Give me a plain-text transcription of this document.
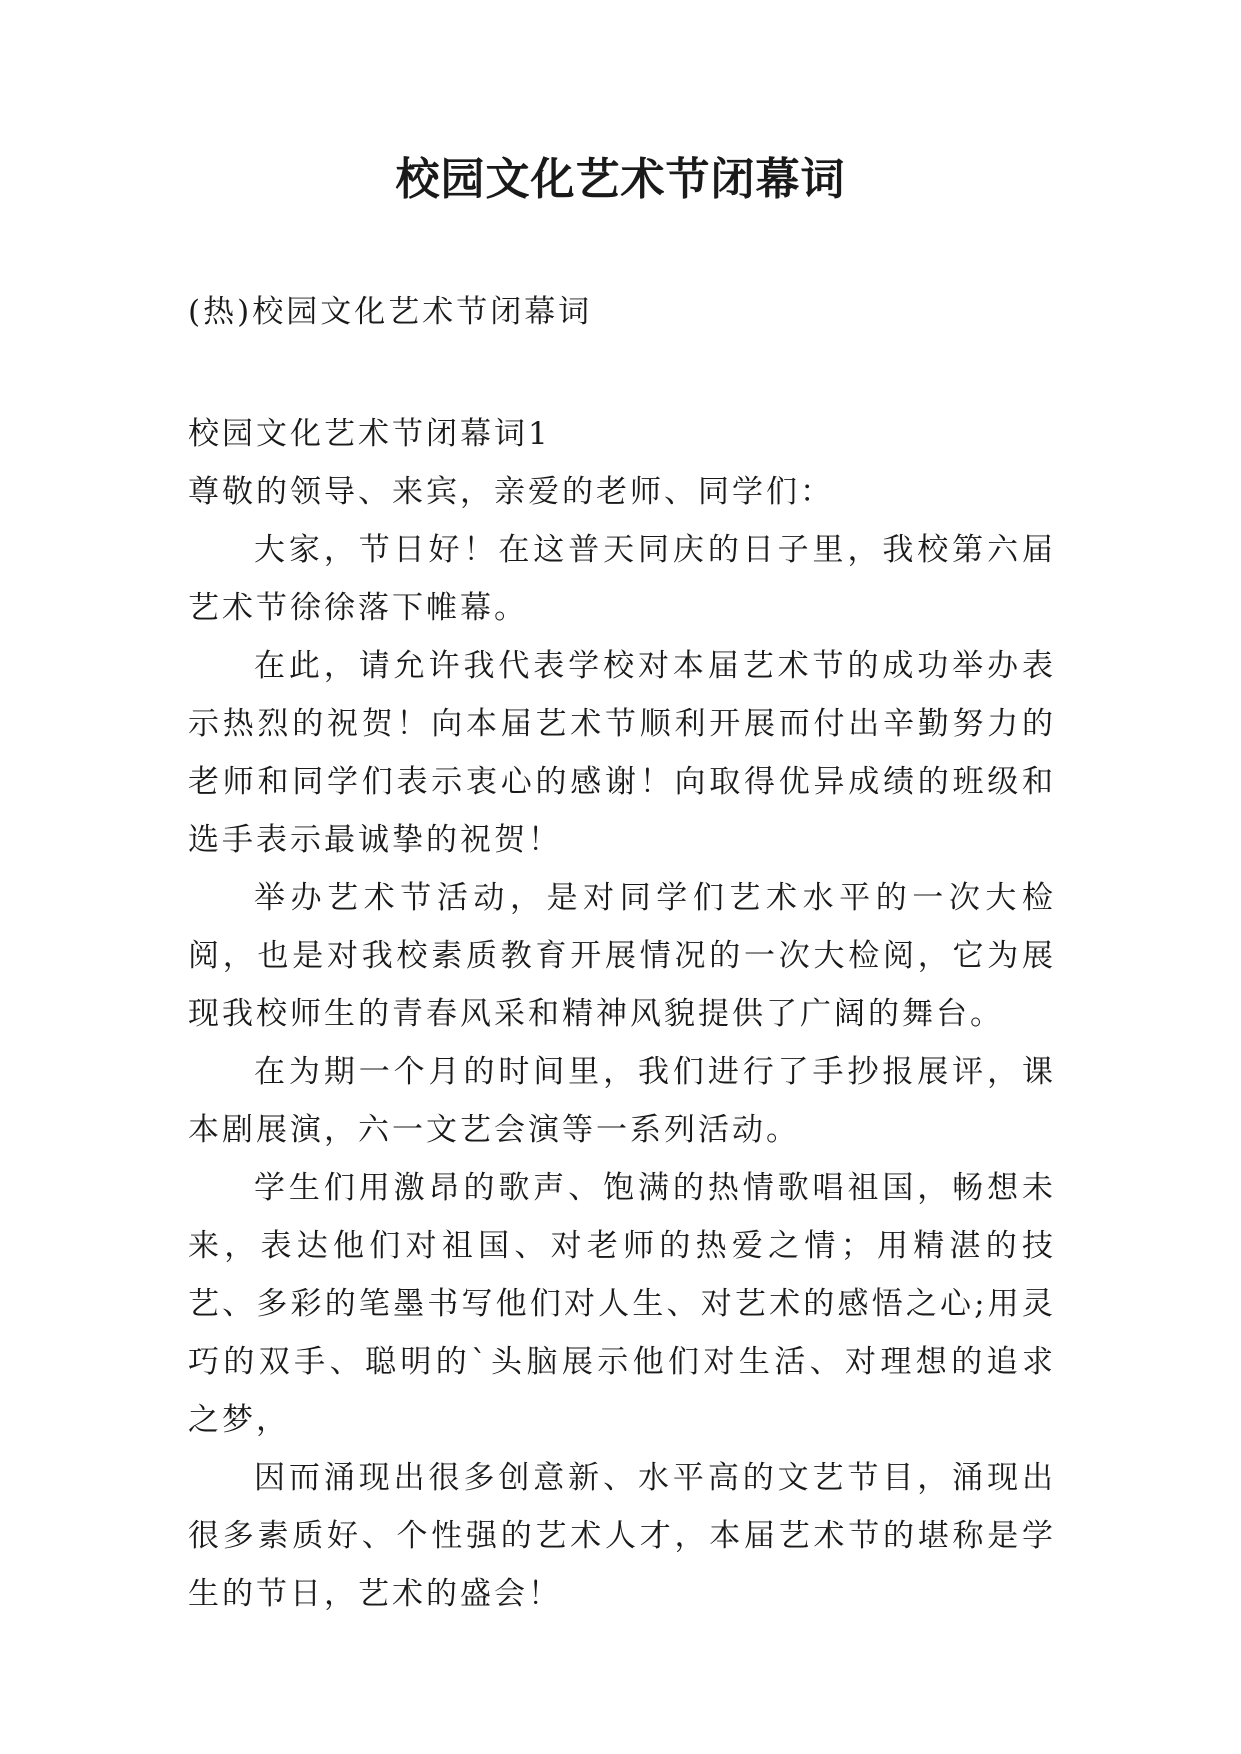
校园文化艺术节闭幕词
(热)校园文化艺术节闭幕词

校园文化艺术节闭幕词1

尊敬的领导、来宾，亲爱的老师、同学们：

大家，节日好！在这普天同庆的日子里，我校第六届艺术节徐徐落下帷幕。

在此，请允许我代表学校对本届艺术节的成功举办表示热烈的祝贺！向本届艺术节顺利开展而付出辛勤努力的老师和同学们表示衷心的感谢！向取得优异成绩的班级和选手表示最诚挚的祝贺！

举办艺术节活动，是对同学们艺术水平的一次大检阅，也是对我校素质教育开展情况的一次大检阅，它为展现我校师生的青春风采和精神风貌提供了广阔的舞台。

在为期一个月的时间里，我们进行了手抄报展评，课本剧展演，六一文艺会演等一系列活动。

学生们用激昂的歌声、饱满的热情歌唱祖国，畅想未来，表达他们对祖国、对老师的热爱之情；用精湛的技艺、多彩的笔墨书写他们对人生、对艺术的感悟之心;用灵巧的双手、聪明的`头脑展示他们对生活、对理想的追求之梦，

因而涌现出很多创意新、水平高的文艺节目，涌现出很多素质好、个性强的艺术人才，本届艺术节的堪称是学生的节日，艺术的盛会！
